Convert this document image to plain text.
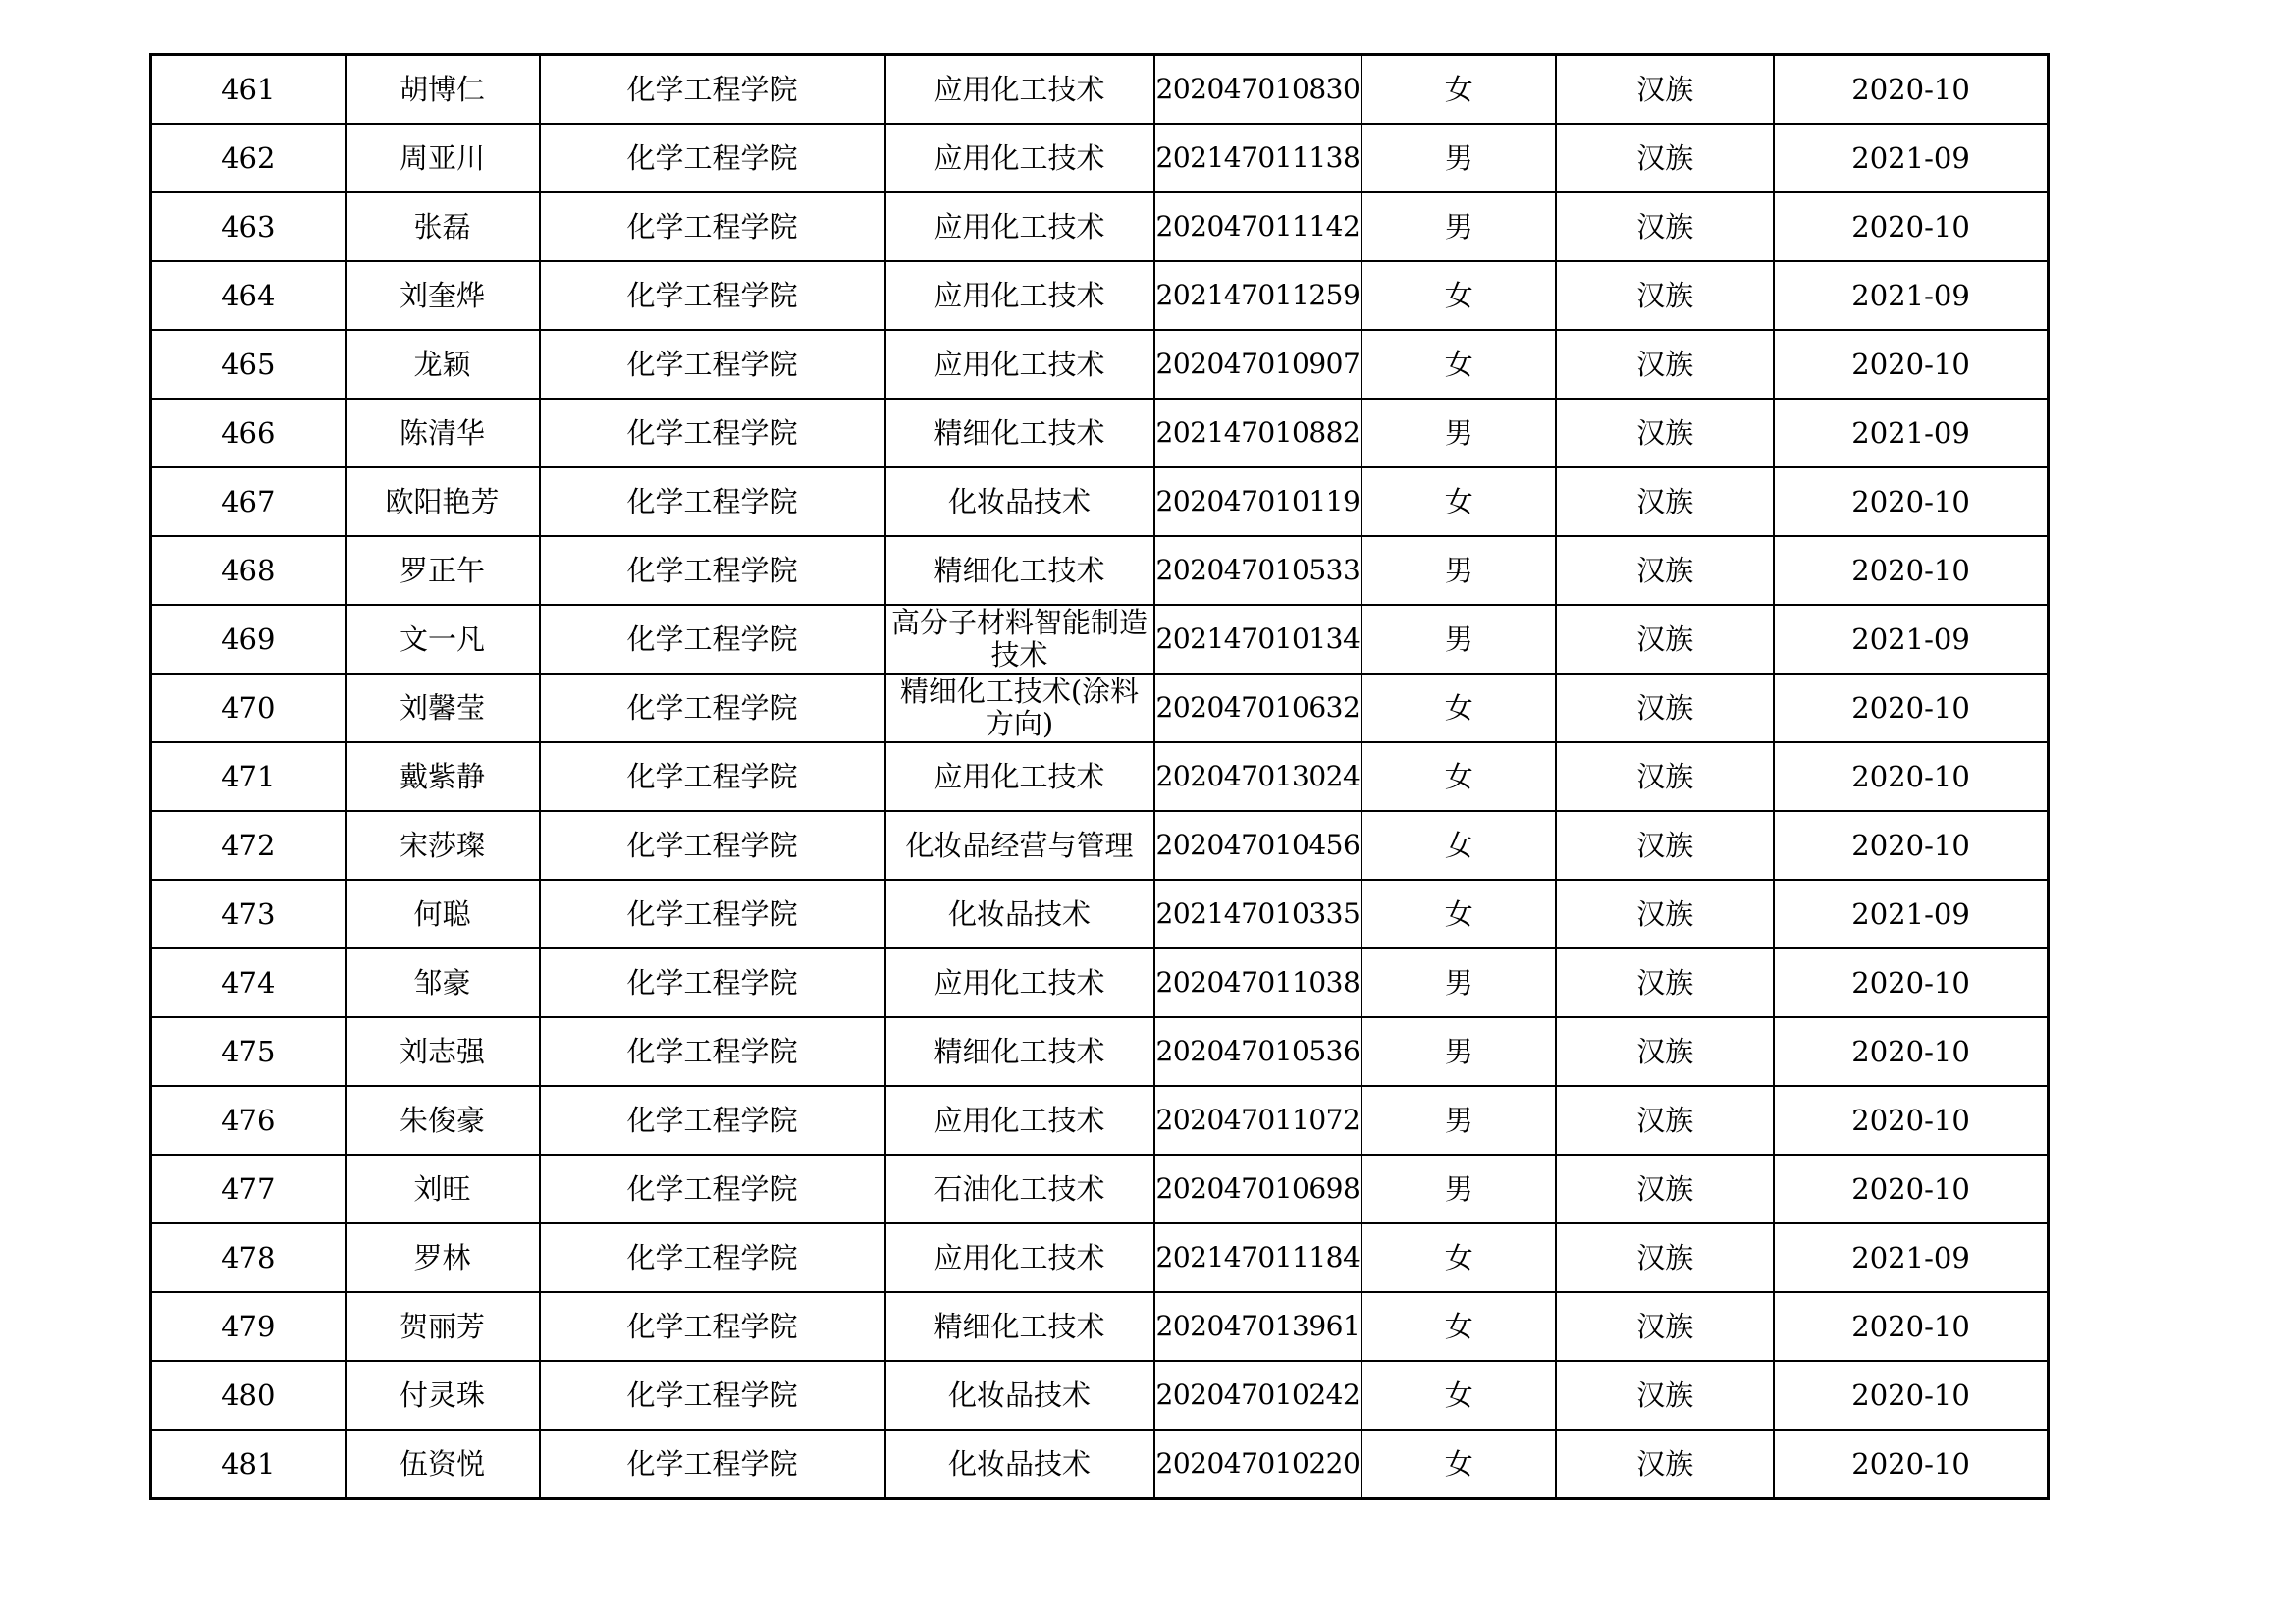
461	胡博仁	化学工程学院	应用化工技术	202047010830	女	汉族	2020-10
462	周亚川	化学工程学院	应用化工技术	202147011138	男	汉族	2021-09
463	张磊	化学工程学院	应用化工技术	202047011142	男	汉族	2020-10
464	刘奎烨	化学工程学院	应用化工技术	202147011259	女	汉族	2021-09
465	龙颖	化学工程学院	应用化工技术	202047010907	女	汉族	2020-10
466	陈清华	化学工程学院	精细化工技术	202147010882	男	汉族	2021-09
467	欧阳艳芳	化学工程学院	化妆品技术	202047010119	女	汉族	2020-10
468	罗正午	化学工程学院	精细化工技术	202047010533	男	汉族	2020-10
469	文一凡	化学工程学院	高分子材料智能制造技术	202147010134	男	汉族	2021-09
470	刘馨莹	化学工程学院	精细化工技术(涂料方向)	202047010632	女	汉族	2020-10
471	戴紫静	化学工程学院	应用化工技术	202047013024	女	汉族	2020-10
472	宋莎璨	化学工程学院	化妆品经营与管理	202047010456	女	汉族	2020-10
473	何聪	化学工程学院	化妆品技术	202147010335	女	汉族	2021-09
474	邹豪	化学工程学院	应用化工技术	202047011038	男	汉族	2020-10
475	刘志强	化学工程学院	精细化工技术	202047010536	男	汉族	2020-10
476	朱俊豪	化学工程学院	应用化工技术	202047011072	男	汉族	2020-10
477	刘旺	化学工程学院	石油化工技术	202047010698	男	汉族	2020-10
478	罗林	化学工程学院	应用化工技术	202147011184	女	汉族	2021-09
479	贺丽芳	化学工程学院	精细化工技术	202047013961	女	汉族	2020-10
480	付灵珠	化学工程学院	化妆品技术	202047010242	女	汉族	2020-10
481	伍资悦	化学工程学院	化妆品技术	202047010220	女	汉族	2020-10
